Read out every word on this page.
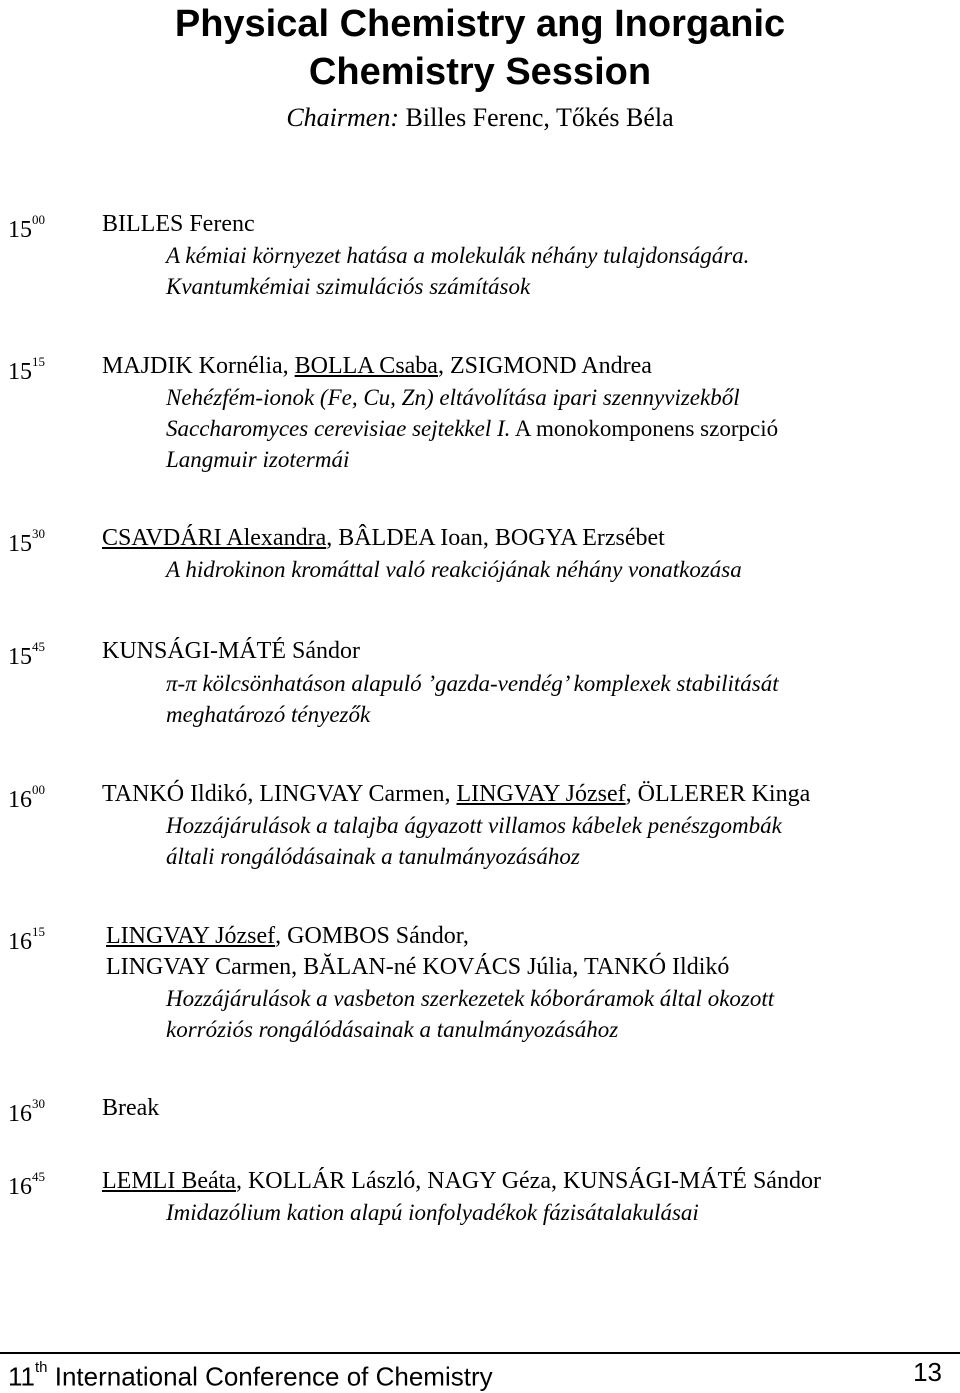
Physical Chemistry ang Inorganic
Chemistry Session
Chairmen: Billes Ferenc, Tőkés Béla
$15^{00}$ BILLES Ferenc
A kémiai környezet hatása a molekulák néhány tulajdonságára.
Kvantumkémiai szimulációs számítások
$15^{15}$ MAJDIK Kornélia, BOLLA Csaba, ZSIGMOND Andrea
Nehézfém-ionok (Fe, Cu, Zn) eltávolítása ipari szennyvizekből
Saccharomyces cerevisiae sejtekkel I. A monokomponens szorpció
Langmuir izotermái
$15^{30}$ CSAVDÁRI Alexandra, BÂLDEA Ioan, BOGYA Erzsébet
A hidrokinon kromáttal való reakciójának néhány vonatkozása
$15^{45}$ KUNSÁGI-MÁTÉ Sándor
π-π kölcsönhatáson alapuló ’gazda-vendég’ komplexek stabilitását
meghatározó tényezők
$16^{00}$ TANKÓ Ildikó, LINGVAY Carmen, LINGVAY József, ÖLLERER Kinga
Hozzájárulások a talajba ágyazott villamos kábelek penészgombák
általi rongálódásainak a tanulmányozásához
$16^{15}$	LINGVAY József, GOMBOS Sándor,
LINGVAY Carmen, BĂLAN-né KOVÁCS Júlia, TANKÓ Ildikó
Hozzájárulások a vasbeton szerkezetek kóboráramok által okozott
korróziós rongálódásainak a tanulmányozásához
$16^{30}$ Break
$16^{45}$ LEMLI Beáta, KOLLÁR László, NAGY Géza, KUNSÁGI-MÁTÉ Sándor
Imidazólium kation alapú ionfolyadékok fázisátalakulásai
11th International Conference of Chemistry	13
